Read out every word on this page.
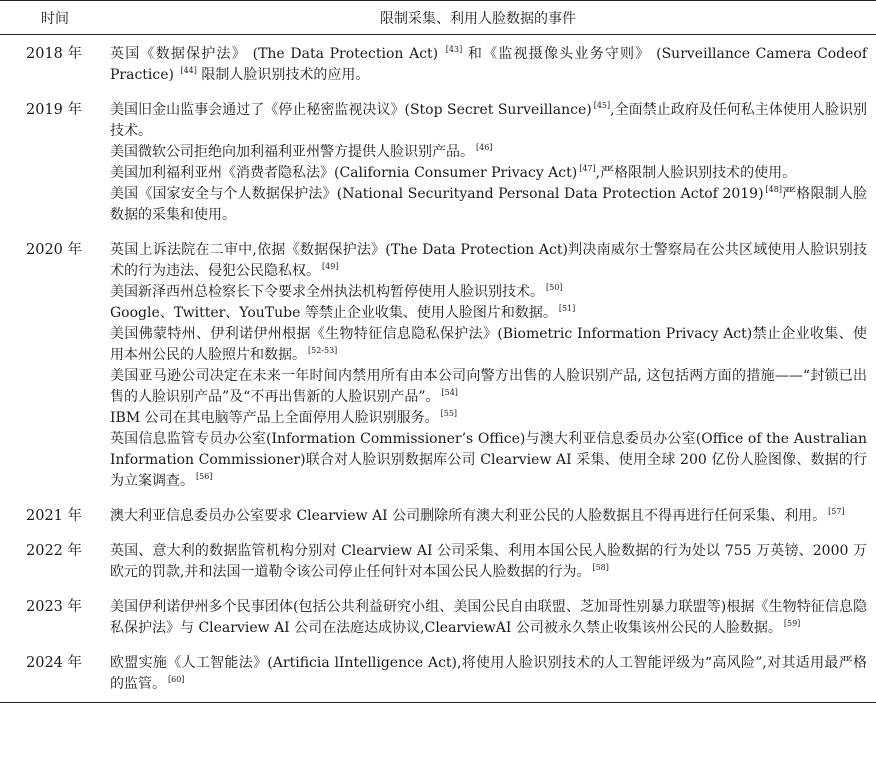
时间	限制采集、利用人脸数据的事件
2018 年	英国《数据保护法》 (The Data Protection Act) [43] 和《监视摄像头业务守则》 (Surveillance Camera Codeof Practice) [44] 限制人脸识别技术的应用。

2019 年	美国旧金山监事会通过了《停止秘密监视决议》(Stop Secret Surveillance) [45],全面禁止政府及任何私主体使用人脸识别技术。

美国微软公司拒绝向加利福利亚州警方提供人脸识别产品。 [46]

美国加利福利亚州《消费者隐私法》(California Consumer Privacy Act) [47],严格限制人脸识别技术的使用。

美国《国家安全与个人数据保护法》(National Securityand Personal Data Protection Actof 2019) [48]严格限制人脸数据的采集和使用。

2020 年	英国上诉法院在二审中,依据《数据保护法》(The Data Protection Act)判决南威尔士警察局在公共区域使用人脸识别技术的行为违法、侵犯公民隐私权。 [49]

美国新泽西州总检察长下令要求全州执法机构暂停使用人脸识别技术。 [50]

Google、Twitter、YouTube 等禁止企业收集、使用人脸图片和数据。 [51]

美国佛蒙特州、伊利诺伊州根据《生物特征信息隐私保护法》(Biometric Information Privacy Act)禁止企业收集、使用本州公民的人脸照片和数据。 [52-53]

美国亚马逊公司决定在未来一年时间内禁用所有由本公司向警方出售的人脸识别产品, 这包括两方面的措施——“封锁已出售的人脸识别产品”及“不再出售新的人脸识别产品”。 [54]

IBM 公司在其电脑等产品上全面停用人脸识别服务。 [55]

英国信息监管专员办公室(Information Commissioner’s Office)与澳大利亚信息委员办公室(Office of the Australian Information Commissioner)联合对人脸识别数据库公司 Clearview AI 采集、使用全球 200 亿份人脸图像、数据的行为立案调查。 [56]

2021 年	澳大利亚信息委员办公室要求 Clearview AI 公司删除所有澳大利亚公民的人脸数据且不得再进行任何采集、利用。 [57]

2022 年	英国、意大利的数据监管机构分别对 Clearview AI 公司采集、利用本国公民人脸数据的行为处以 755 万英镑、2000 万欧元的罚款,并和法国一道勒令该公司停止任何针对本国公民人脸数据的行为。 [58]

2023 年	美国伊利诺伊州多个民事团体(包括公共利益研究小组、美国公民自由联盟、芝加哥性别暴力联盟等)根据《生物特征信息隐私保护法》与 Clearview AI 公司在法庭达成协议,ClearviewAI 公司被永久禁止收集该州公民的人脸数据。 [59]

2024 年	欧盟实施《人工智能法》(Artificia lIntelligence Act),将使用人脸识别技术的人工智能评级为“高风险”,对其适用最严格的监管。 [60]
